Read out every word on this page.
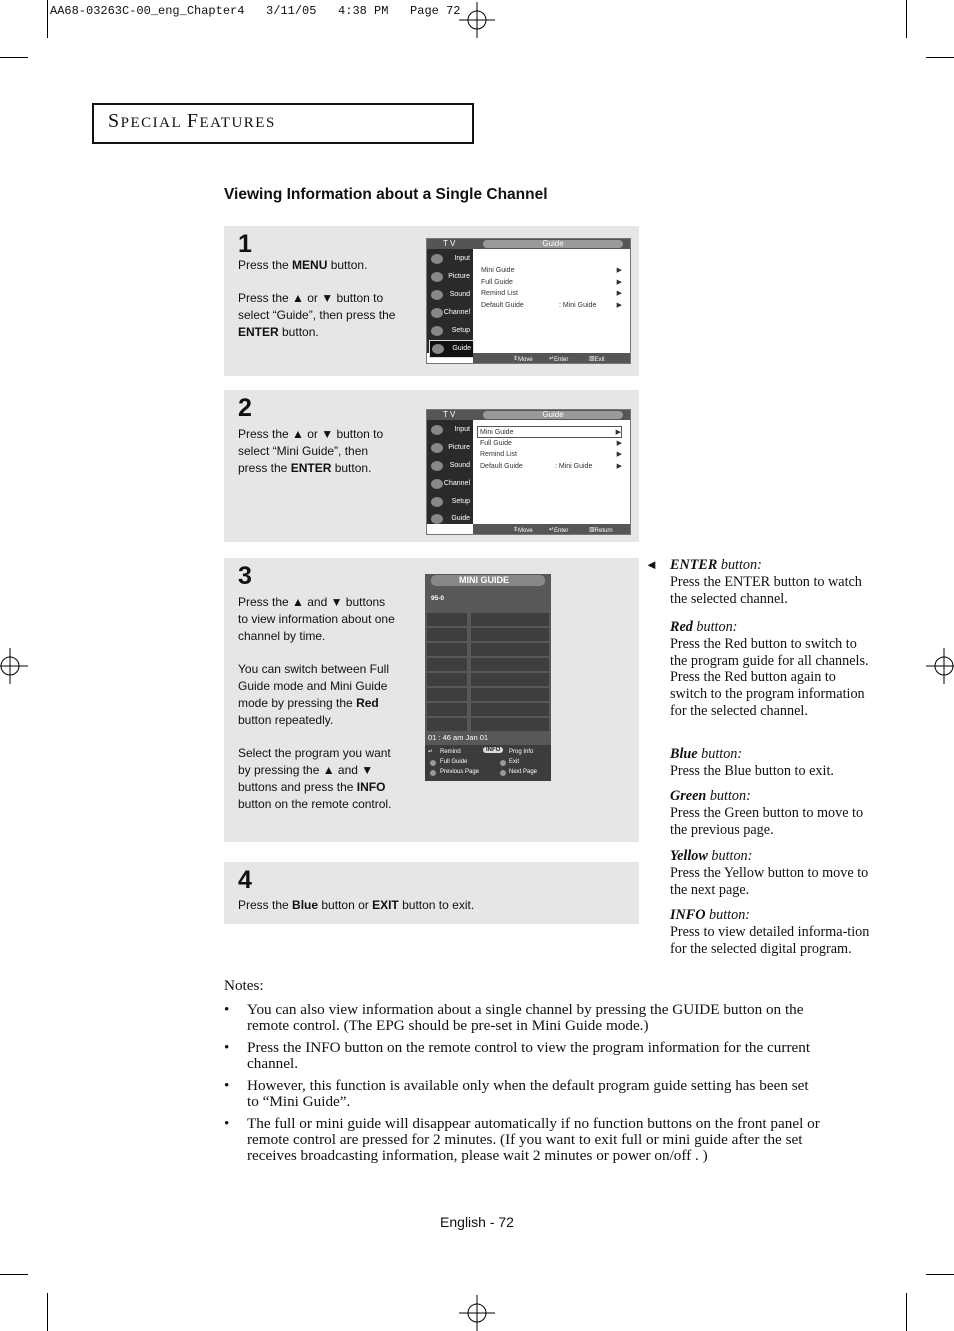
AA68-03263C-00_eng_Chapter4   3/11/05   4:38 PM   Page 72
SPECIAL FEATURES
Viewing Information about a Single Channel
1

Press the MENU button.

Press the ▲ or ▼ button to select “Guide”, then press the ENTER button.

T V	Guide
Input
Picture
Sound
Channel
Setup
Guide
Mini Guide	▶
Full Guide	▶
Remind List	▶
Default Guide	: Mini Guide	▶
⇕ Move	↵ Enter	▥ Exit
2

Press the ▲ or ▼ button to select “Mini Guide”, then press the ENTER button.

T V	Guide
Input
Picture
Sound
Channel
Setup
Guide
Mini Guide	▶
Full Guide	▶
Remind List	▶
Default Guide	: Mini Guide	▶
⇕ Move	↵ Enter	▥ Return
3

Press the ▲ and ▼ buttons to view information about one channel by time.

You can switch between Full Guide mode and Mini Guide mode by pressing the Red button repeatedly.

Select the program you want by pressing the ▲ and ▼ buttons and press the INFO button on the remote control.

MINI GUIDE
95-0
01 : 46 am Jan 01
↵ Remind	INFO	Prog Info
Full Guide	Exit
Previous Page	Next Page
4

Press the Blue button or EXIT button to exit.

◄ ENTER button:
Press the ENTER button to watch the selected channel.
Red button:
Press the Red button to switch to the program guide for all channels. Press the Red button again to switch to the program information for the selected channel.
Blue button:
Press the Blue button to exit.
Green button:
Press the Green button to move to the previous page.
Yellow button:
Press the Yellow button to move to the next page.
INFO button:
Press to view detailed informa-tion for the selected digital program.
Notes:
• You can also view information about a single channel by pressing the GUIDE button on the remote control. (The EPG should be pre-set in Mini Guide mode.)
• Press the INFO button on the remote control to view the program information for the current channel.
• However, this function is available only when the default program guide setting has been set to “Mini Guide”.
• The full or mini guide will disappear automatically if no function buttons on the front panel or remote control are pressed for 2 minutes. (If you want to exit full or mini guide after the set receives broadcasting information, please wait 2 minutes or power on/off . )
English - 72
